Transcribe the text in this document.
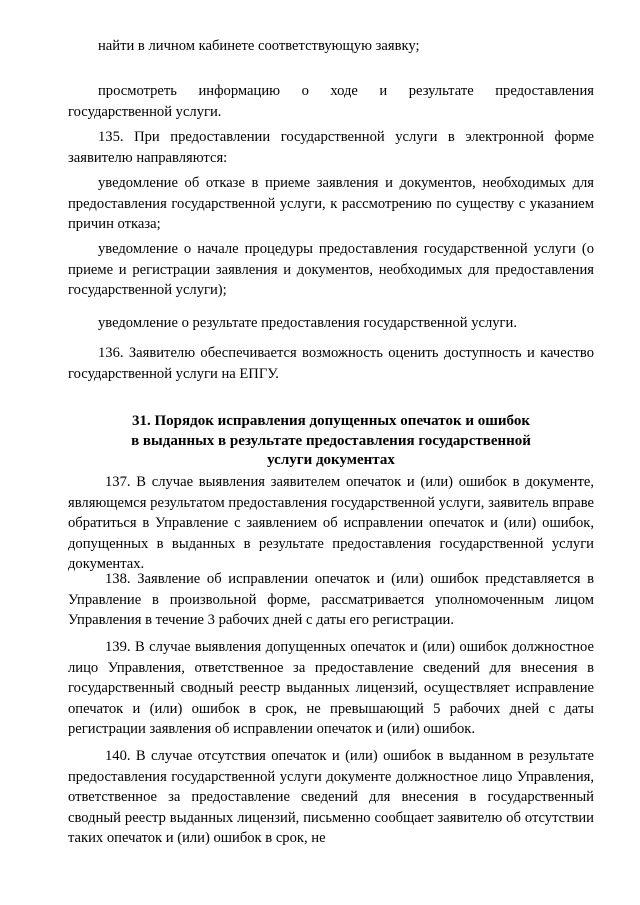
найти в личном кабинете соответствующую заявку;

просмотреть информацию о ходе и результате предоставления государственной услуги.

135. При предоставлении государственной услуги в электронной форме заявителю направляются:

уведомление об отказе в приеме заявления и документов, необходимых для предоставления государственной услуги, к рассмотрению по существу с указанием причин отказа;

уведомление о начале процедуры предоставления государственной услуги (о приеме и регистрации заявления и документов, необходимых для предоставления государственной услуги);

уведомление о результате предоставления государственной услуги.

136. Заявителю обеспечивается возможность оценить доступность и качество государственной услуги на ЕПГУ.

31. Порядок исправления допущенных опечаток и ошибок
в выданных в результате предоставления государственной
услуги документах

137. В случае выявления заявителем опечаток и (или) ошибок в документе, являющемся результатом предоставления государственной услуги, заявитель вправе обратиться в Управление с заявлением об исправлении опечаток и (или) ошибок, допущенных в выданных в результате предоставления государственной услуги документах.

138. Заявление об исправлении опечаток и (или) ошибок представляется в Управление в произвольной форме, рассматривается уполномоченным лицом Управления в течение 3 рабочих дней с даты его регистрации.

139. В случае выявления допущенных опечаток и (или) ошибок должностное лицо Управления, ответственное за предоставление сведений для внесения в государственный сводный реестр выданных лицензий, осуществляет исправление опечаток и (или) ошибок в срок, не превышающий 5 рабочих дней с даты регистрации заявления об исправлении опечаток и (или) ошибок.

140. В случае отсутствия опечаток и (или) ошибок в выданном в результате предоставления государственной услуги документе должностное лицо Управления, ответственное за предоставление сведений для внесения в государственный сводный реестр выданных лицензий, письменно сообщает заявителю об отсутствии таких опечаток и (или) ошибок в срок, не
